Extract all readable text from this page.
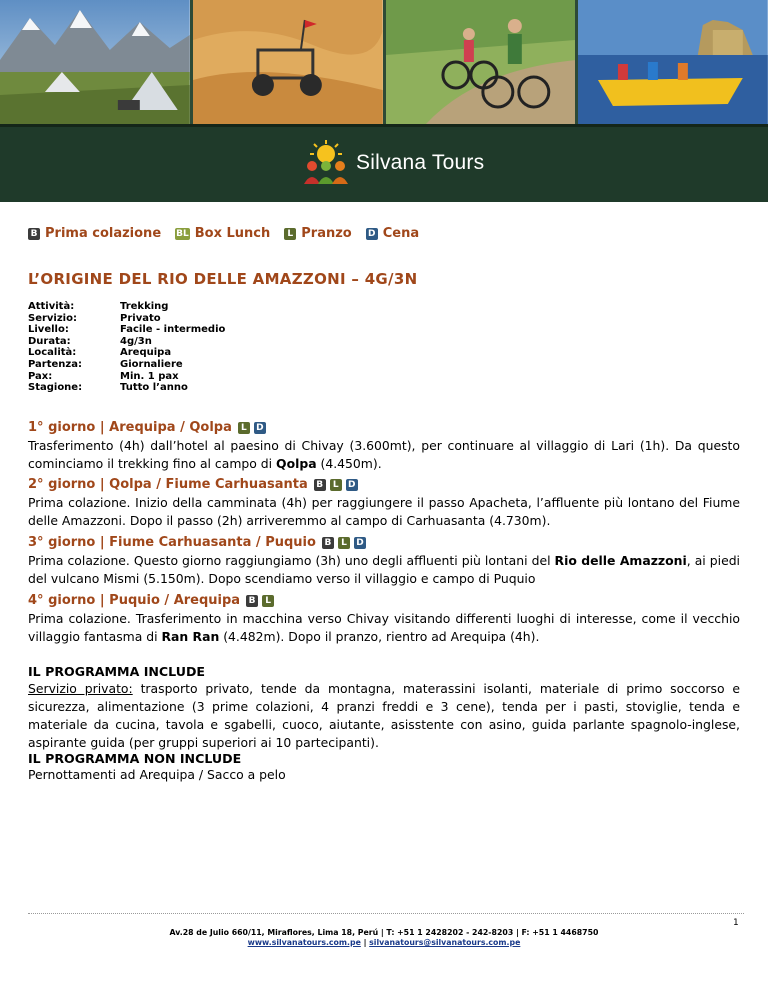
Silvana Tours
B Prima colazione BL Box Lunch	L Pranzo D Cena
L’ORIGINE DEL RIO DELLE AMAZZONI – 4G/3N
Attività:	Trekking
Servizio:	Privato
Livello:	Facile - intermedio
Durata:	4g/3n
Località:	Arequipa
Partenza:	Giornaliere
Pax:	Min. 1 pax
Stagione:	Tutto l’anno
1° giorno | Arequipa / Qolpa	L	D
Trasferimento (4h) dall’hotel al paesino di Chivay (3.600mt), per continuare al villaggio di Lari (1h). Da questo cominciamo il trekking fino al campo di Qolpa (4.450m).
2° giorno | Qolpa / Fiume Carhuasanta B	L	D
Prima colazione. Inizio della camminata (4h) per raggiungere il passo Apacheta, l’affluente più lontano del Fiume delle Amazzoni. Dopo il passo (2h) arriveremmo al campo di Carhuasanta (4.730m).
3° giorno | Fiume Carhuasanta / Puquio B	L	D
Prima colazione. Questo giorno raggiungiamo (3h) uno degli affluenti più lontani del Rio delle Amazzoni, ai piedi del vulcano Mismi (5.150m). Dopo scendiamo verso il villaggio e campo di Puquio
4° giorno | Puquio / Arequipa B	L
Prima colazione. Trasferimento in macchina verso Chivay visitando differenti luoghi di interesse, come il vecchio villaggio fantasma di Ran Ran (4.482m). Dopo il pranzo, rientro ad Arequipa (4h).
IL PROGRAMMA INCLUDE
Servizio privato: trasporto privato, tende da montagna, materassini isolanti, materiale di primo soccorso e sicurezza, alimentazione (3 prime colazioni, 4 pranzi freddi e 3 cene), tenda per i pasti, stoviglie, tenda e materiale da cucina, tavola e sgabelli, cuoco, aiutante, asisstente con asino, guida parlante spagnolo-inglese, aspirante guida (per gruppi superiori ai 10 partecipanti).
IL PROGRAMMA NON INCLUDE
Pernottamenti ad Arequipa / Sacco a pelo
1
Av.28 de Julio 660/11, Miraflores, Lima 18, Perú | T: +51 1 2428202 - 242-8203 | F: +51 1 4468750
www.silvanatours.com.pe | silvanatours@silvanatours.com.pe
